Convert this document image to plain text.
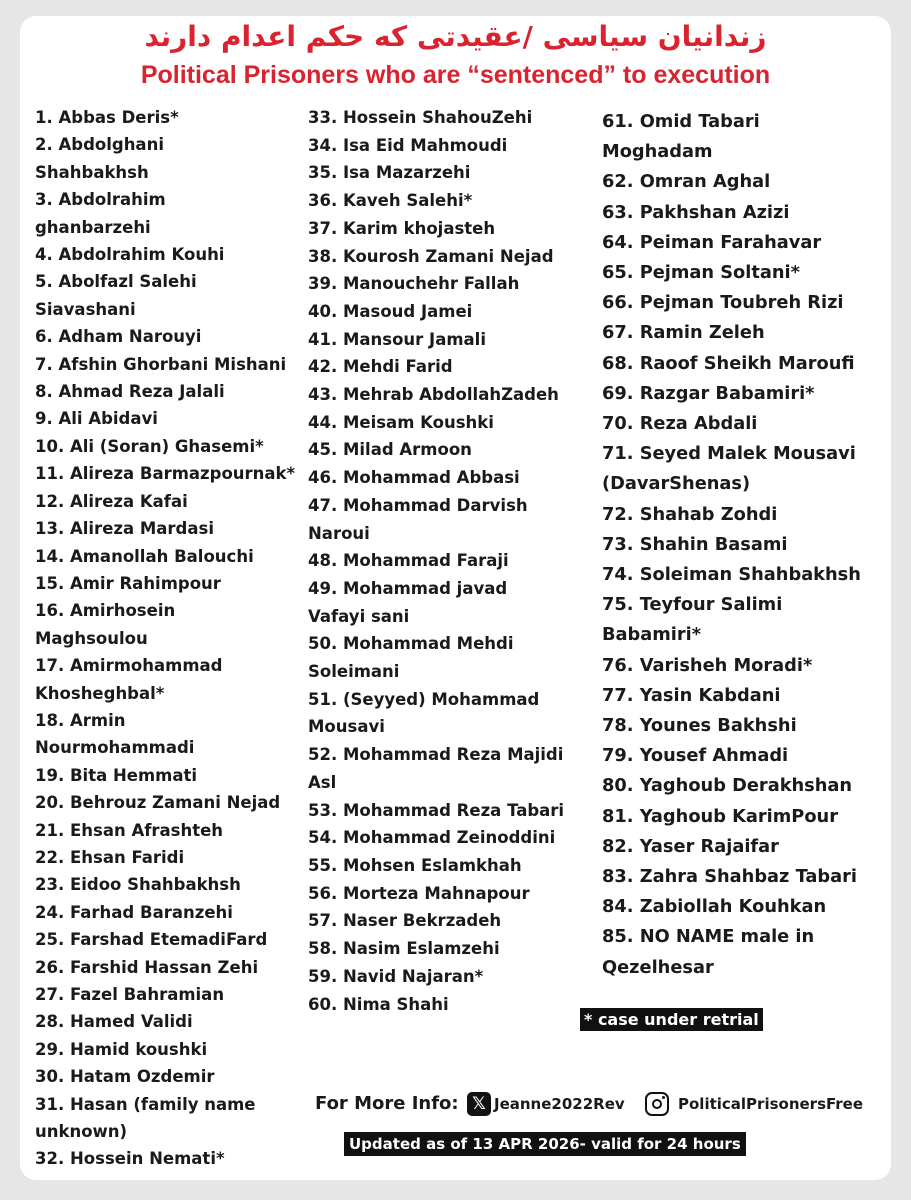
زندانیان سیاسی /عقیدتی که حکم اعدام دارند
Political Prisoners who are “sentenced” to execution
1. Abbas Deris*
2. Abdolghani
Shahbakhsh
3. Abdolrahim
ghanbarzehi
4. Abdolrahim Kouhi
5. Abolfazl Salehi
Siavashani
6. Adham Narouyi
7. Afshin Ghorbani Mishani
8. Ahmad Reza Jalali
9. Ali Abidavi
10. Ali (Soran) Ghasemi*
11. Alireza Barmazpournak*
12. Alireza Kafai
13. Alireza Mardasi
14. Amanollah Balouchi
15. Amir Rahimpour
16. Amirhosein
Maghsoulou
17. Amirmohammad
Khosheghbal*
18. Armin
Nourmohammadi
19. Bita Hemmati
20. Behrouz Zamani Nejad
21. Ehsan Afrashteh
22. Ehsan Faridi
23. Eidoo Shahbakhsh
24. Farhad Baranzehi
25. Farshad EtemadiFard
26. Farshid Hassan Zehi
27. Fazel Bahramian
28. Hamed Validi
29. Hamid koushki
30. Hatam Ozdemir
31. Hasan (family name
unknown)
32. Hossein Nemati*
33. Hossein ShahouZehi
34. Isa Eid Mahmoudi
35. Isa Mazarzehi
36. Kaveh Salehi*
37. Karim khojasteh
38. Kourosh Zamani Nejad
39. Manouchehr Fallah
40. Masoud Jamei
41. Mansour Jamali
42. Mehdi Farid
43. Mehrab AbdollahZadeh
44. Meisam Koushki
45. Milad Armoon
46. Mohammad Abbasi
47. Mohammad Darvish
Naroui
48. Mohammad Faraji
49. Mohammad javad
Vafayi sani
50. Mohammad Mehdi
Soleimani
51. (Seyyed) Mohammad
Mousavi
52. Mohammad Reza Majidi
Asl
53. Mohammad Reza Tabari
54. Mohammad Zeinoddini
55. Mohsen Eslamkhah
56. Morteza Mahnapour
57. Naser Bekrzadeh
58. Nasim Eslamzehi
59. Navid Najaran*
60. Nima Shahi
61. Omid Tabari
Moghadam
62. Omran Aghal
63. Pakhshan Azizi
64. Peiman Farahavar
65. Pejman Soltani*
66. Pejman Toubreh Rizi
67. Ramin Zeleh
68. Raoof Sheikh Maroufi
69. Razgar Babamiri*
70. Reza Abdali
71. Seyed Malek Mousavi
(DavarShenas)
72. Shahab Zohdi
73. Shahin Basami
74. Soleiman Shahbakhsh
75. Teyfour Salimi
Babamiri*
76. Varisheh Moradi*
77. Yasin Kabdani
78. Younes Bakhshi
79. Yousef Ahmadi
80. Yaghoub Derakhshan
81. Yaghoub KarimPour
82. Yaser Rajaifar
83. Zahra Shahbaz Tabari
84. Zabiollah Kouhkan
85. NO NAME male in
Qezelhesar
* case under retrial
For More Info: 𝕏 Jeanne2022Rev	PoliticalPrisonersFree
Updated as of 13 APR 2026- valid for 24 hours
